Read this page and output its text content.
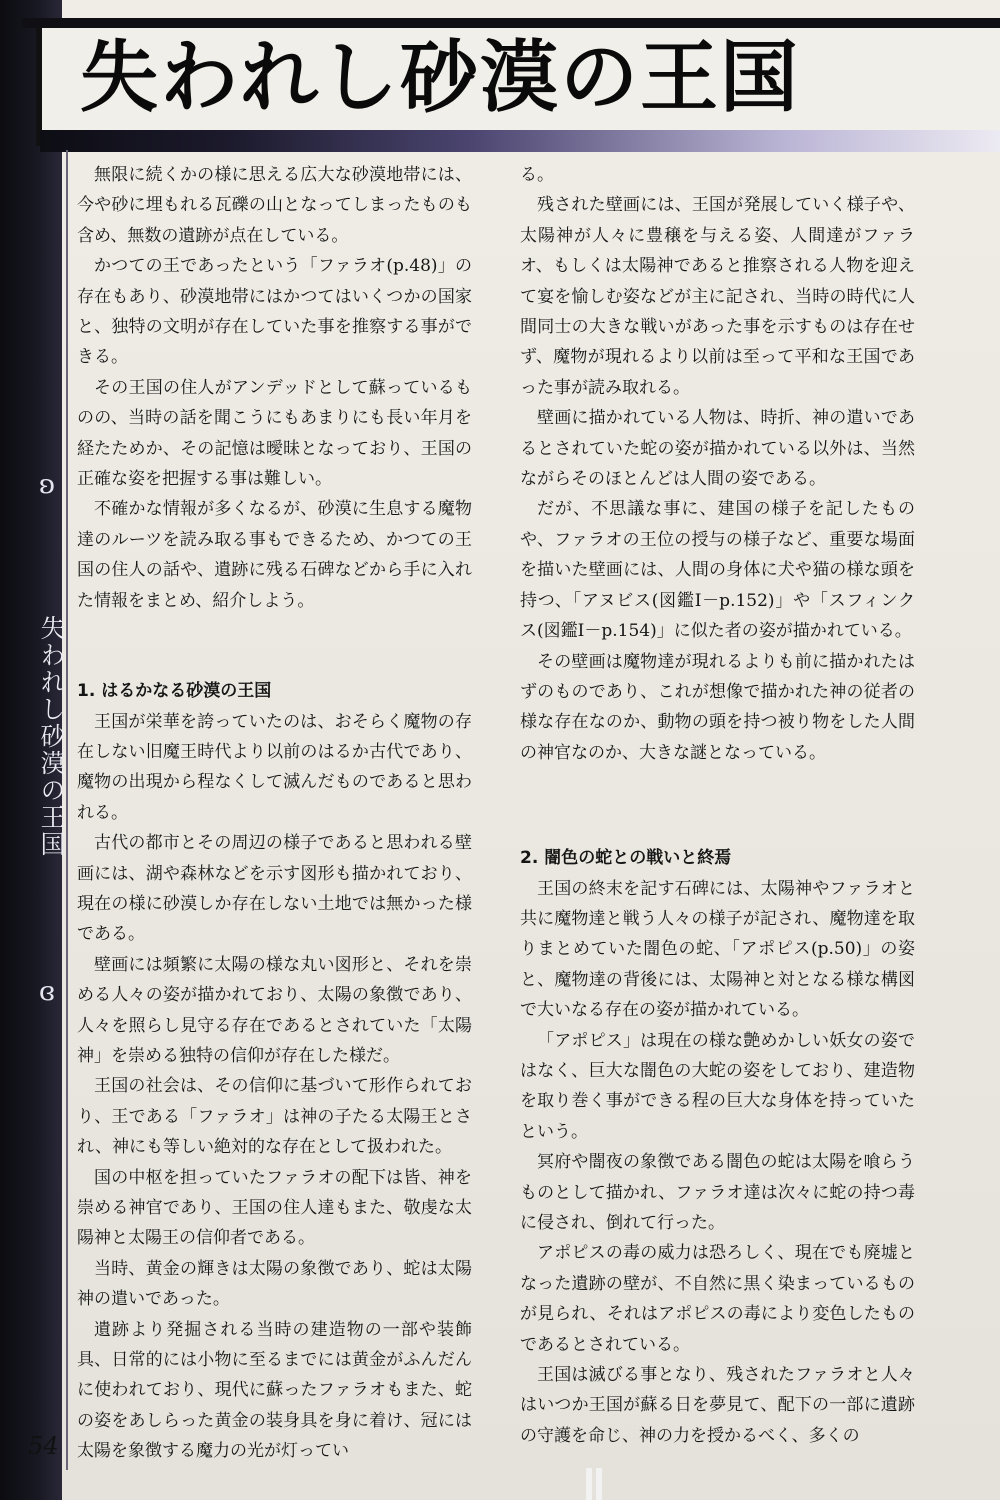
失われし砂漠の王国
ʚ
失われし砂漠の王国
ɞ
54

無限に続くかの様に思える広大な砂漠地帯には、今や砂に埋もれる瓦礫の山となってしまったものも含め、無数の遺跡が点在している。

かつての王であったという「ファラオ(p.48)」の存在もあり、砂漠地帯にはかつてはいくつかの国家と、独特の文明が存在していた事を推察する事ができる。

その王国の住人がアンデッドとして蘇っているものの、当時の話を聞こうにもあまりにも長い年月を経たためか、その記憶は曖昧となっており、王国の正確な姿を把握する事は難しい。

不確かな情報が多くなるが、砂漠に生息する魔物達のルーツを読み取る事もできるため、かつての王国の住人の話や、遺跡に残る石碑などから手に入れた情報をまとめ、紹介しよう。

1. はるかなる砂漠の王国

王国が栄華を誇っていたのは、おそらく魔物の存在しない旧魔王時代より以前のはるか古代であり、魔物の出現から程なくして滅んだものであると思われる。

古代の都市とその周辺の様子であると思われる壁画には、湖や森林などを示す図形も描かれており、現在の様に砂漠しか存在しない土地では無かった様である。

壁画には頻繁に太陽の様な丸い図形と、それを崇める人々の姿が描かれており、太陽の象徴であり、人々を照らし見守る存在であるとされていた「太陽神」を崇める独特の信仰が存在した様だ。

王国の社会は、その信仰に基づいて形作られており、王である「ファラオ」は神の子たる太陽王とされ、神にも等しい絶対的な存在として扱われた。

国の中枢を担っていたファラオの配下は皆、神を崇める神官であり、王国の住人達もまた、敬虔な太陽神と太陽王の信仰者である。

当時、黄金の輝きは太陽の象徴であり、蛇は太陽神の遣いであった。

遺跡より発掘される当時の建造物の一部や装飾具、日常的には小物に至るまでには黄金がふんだんに使われており、現代に蘇ったファラオもまた、蛇の姿をあしらった黄金の装身具を身に着け、冠には太陽を象徴する魔力の光が灯ってい

る。

残された壁画には、王国が発展していく様子や、太陽神が人々に豊穣を与える姿、人間達がファラオ、もしくは太陽神であると推察される人物を迎えて宴を愉しむ姿などが主に記され、当時の時代に人間同士の大きな戦いがあった事を示すものは存在せず、魔物が現れるより以前は至って平和な王国であった事が読み取れる。

壁画に描かれている人物は、時折、神の遣いであるとされていた蛇の姿が描かれている以外は、当然ながらそのほとんどは人間の姿である。

だが、不思議な事に、建国の様子を記したものや、ファラオの王位の授与の様子など、重要な場面を描いた壁画には、人間の身体に犬や猫の様な頭を持つ、「アヌビス(図鑑Ⅰ－p.152)」や「スフィンクス(図鑑Ⅰ－p.154)」に似た者の姿が描かれている。

その壁画は魔物達が現れるよりも前に描かれたはずのものであり、これが想像で描かれた神の従者の様な存在なのか、動物の頭を持つ被り物をした人間の神官なのか、大きな謎となっている。

2. 闇色の蛇との戦いと終焉

王国の終末を記す石碑には、太陽神やファラオと共に魔物達と戦う人々の様子が記され、魔物達を取りまとめていた闇色の蛇、「アポピス(p.50)」の姿と、魔物達の背後には、太陽神と対となる様な構図で大いなる存在の姿が描かれている。

「アポピス」は現在の様な艶めかしい妖女の姿ではなく、巨大な闇色の大蛇の姿をしており、建造物を取り巻く事ができる程の巨大な身体を持っていたという。

冥府や闇夜の象徴である闇色の蛇は太陽を喰らうものとして描かれ、ファラオ達は次々に蛇の持つ毒に侵され、倒れて行った。

アポピスの毒の威力は恐ろしく、現在でも廃墟となった遺跡の壁が、不自然に黒く染まっているものが見られ、それはアポピスの毒により変色したものであるとされている。

王国は滅びる事となり、残されたファラオと人々はいつか王国が蘇る日を夢見て、配下の一部に遺跡の守護を命じ、神の力を授かるべく、多くの
